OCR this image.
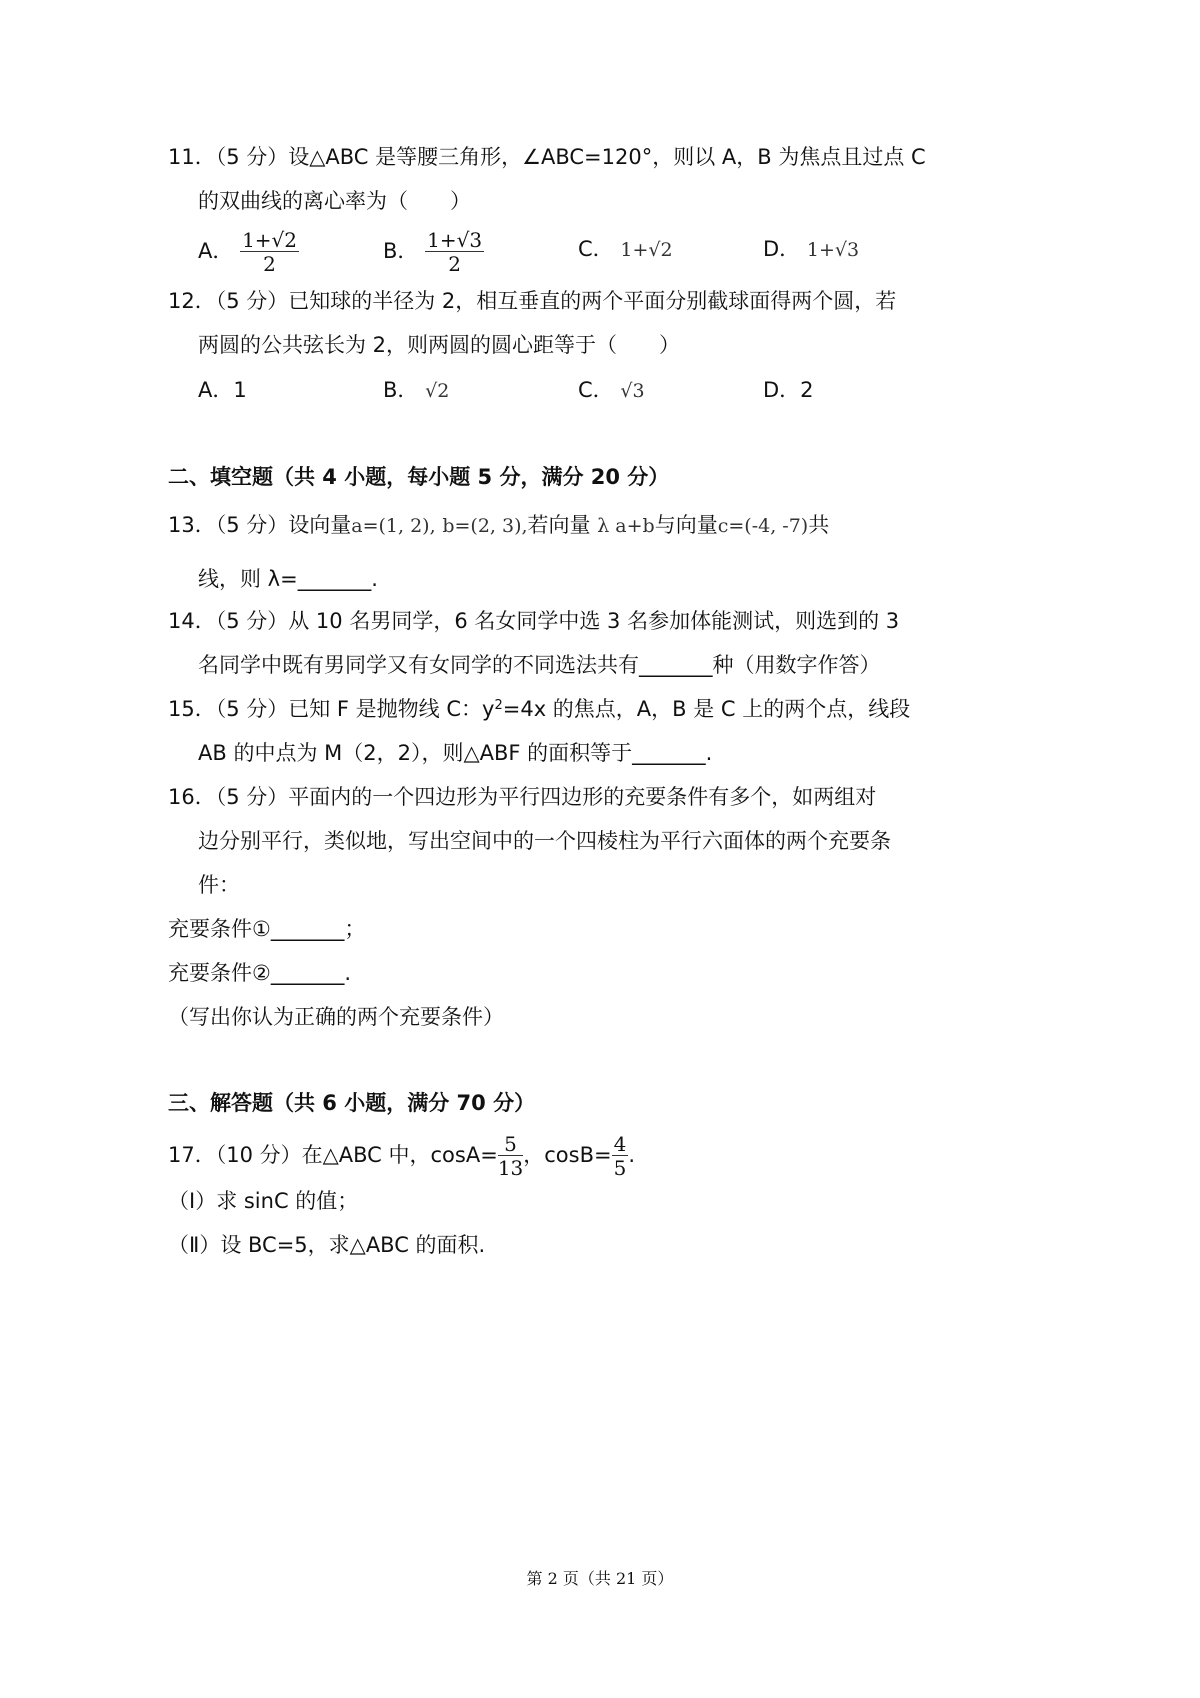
11．（5 分）设△ABC 是等腰三角形，∠ABC=120°，则以 A，B 为焦点且过点 C
的双曲线的离心率为（　　）
A． $\frac{1+√2}{2}$	B． $\frac{1+√3}{2}$	C． 1+√2	D． 1+√3
12．（5 分）已知球的半径为 2，相互垂直的两个平面分别截球面得两个圆，若
两圆的公共弦长为 2，则两圆的圆心距等于（　　）
A．1	B． √2	C． √3	D．2
二、填空题（共 4 小题，每小题 5 分，满分 20 分）
13．（5 分）设向量a=(1, 2), b=(2, 3),若向量 λ a+b与向量c=(-4, -7)共
线，则 λ=_______.
14．（5 分）从 10 名男同学，6 名女同学中选 3 名参加体能测试，则选到的 3
名同学中既有男同学又有女同学的不同选法共有_______种（用数字作答）
15．（5 分）已知 F 是抛物线 C：$y^2=4x$ 的焦点，A，B 是 C 上的两个点，线段
AB 的中点为 M（2，2），则△ABF 的面积等于_______.
16．（5 分）平面内的一个四边形为平行四边形的充要条件有多个，如两组对
边分别平行，类似地，写出空间中的一个四棱柱为平行六面体的两个充要条
件：
充要条件①_______；
充要条件②_______.
（写出你认为正确的两个充要条件）
三、解答题（共 6 小题，满分 70 分）
17．（10 分）在△ABC 中，$\cos A= \frac{5}{13}$ ，$\cos B= \frac{4}{5}$ .
（Ⅰ）求 sinC 的值；
（Ⅱ）设 BC=5，求△ABC 的面积.
第 2 页（共 21 页）
